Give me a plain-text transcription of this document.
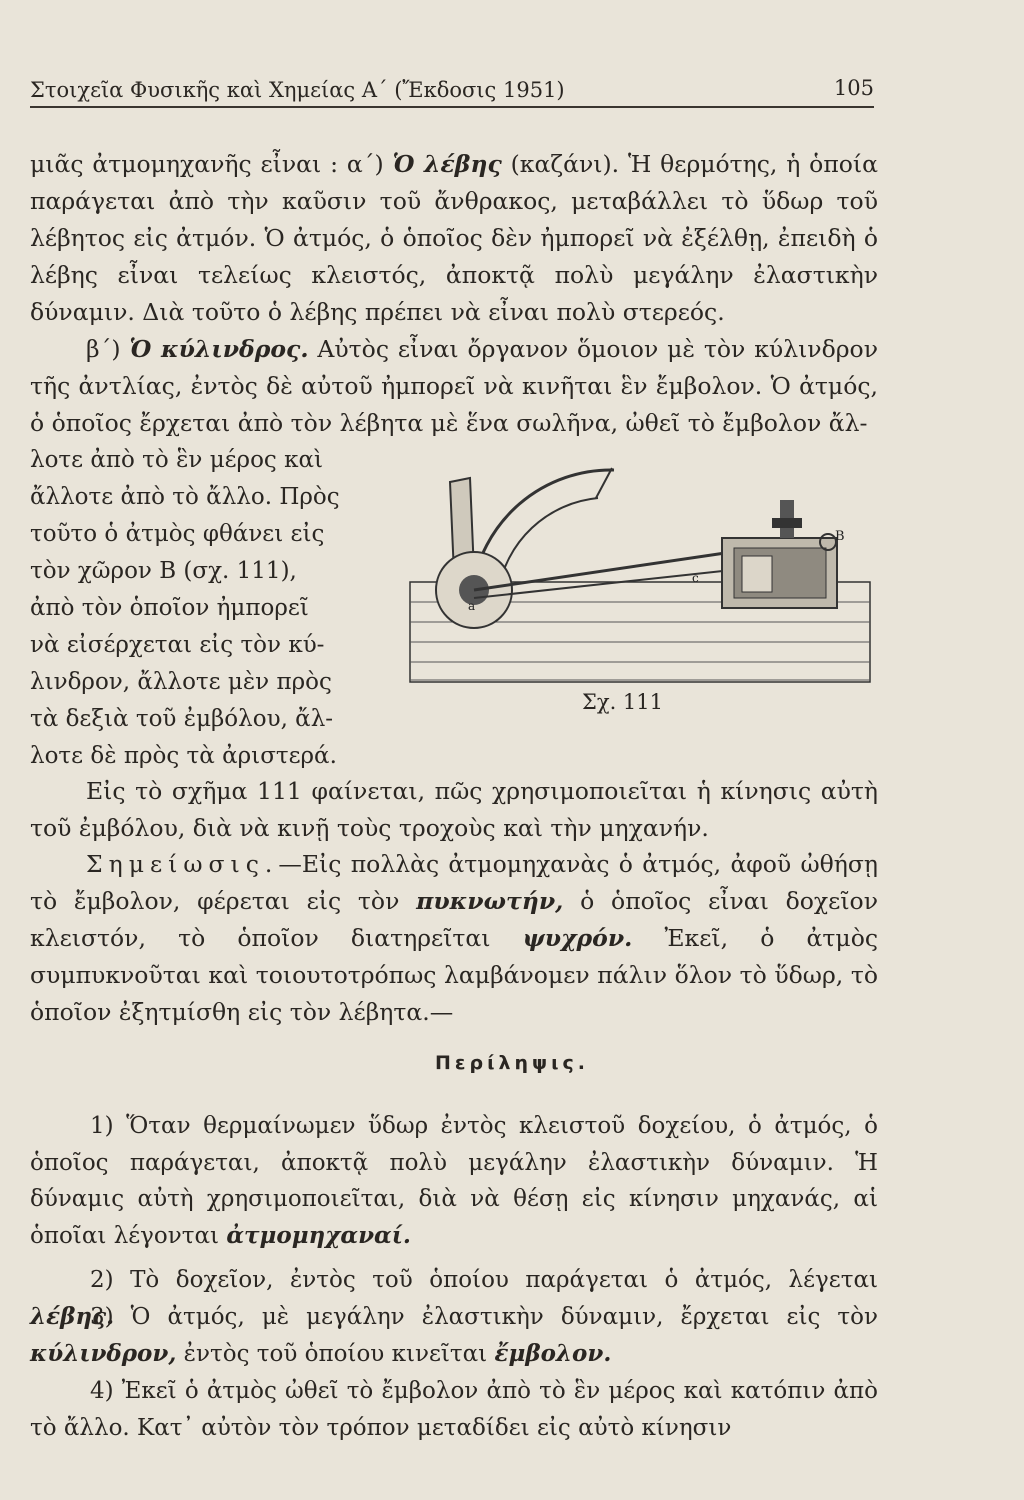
Στοιχεῖα Φυσικῆς καὶ Χημείας Α΄ (Ἔκδοσις 1951)	105
μιᾶς ἀτμομηχανῆς εἶναι : α΄) Ὁ λέβης (καζάνι). Ἡ θερμότης, ἡ ὁποία παράγεται ἀπὸ τὴν καῦσιν τοῦ ἄνθρακος, μεταβάλλει τὸ ὕδωρ τοῦ λέβητος εἰς ἀτμόν. Ὁ ἀτμός, ὁ ὁποῖος δὲν ἠμπορεῖ νὰ ἐξέλθῃ, ἐπειδὴ ὁ λέβης εἶναι τελείως κλειστός, ἀποκτᾷ πολὺ μεγάλην ἐλαστικὴν δύναμιν. Διὰ τοῦτο ὁ λέβης πρέπει νὰ εἶναι πολὺ στερεός.
β΄) Ὁ κύλινδρος. Αὐτὸς εἶναι ὄργανον ὅμοιον μὲ τὸν κύλινδρον τῆς ἀντλίας, ἐντὸς δὲ αὐτοῦ ἠμπορεῖ νὰ κινῆται ἓν ἔμβολον. Ὁ ἀτμός, ὁ ὁποῖος ἔρχεται ἀπὸ τὸν λέβητα μὲ ἕνα σωλῆνα, ὠθεῖ τὸ ἔμβολον ἄλ-
λοτε ἀπὸ τὸ ἓν μέρος καὶ
ἄλλοτε ἀπὸ τὸ ἄλλο. Πρὸς
τοῦτο ὁ ἀτμὸς φθάνει εἰς
τὸν χῶρον Β (σχ. 111),
ἀπὸ τὸν ὁποῖον ἠμπορεῖ
νὰ εἰσέρχεται εἰς τὸν κύ-
λινδρον, ἄλλοτε μὲν πρὸς
τὰ δεξιὰ τοῦ ἐμβόλου, ἄλ-
λοτε δὲ πρὸς τὰ ἀριστερά.
B
a
c
Σχ. 111
Εἰς τὸ σχῆμα 111 φαίνεται, πῶς χρησιμοποιεῖται ἡ κίνησις αὐτὴ τοῦ ἐμβόλου, διὰ νὰ κινῇ τοὺς τροχοὺς καὶ τὴν μηχανήν.
Σημείωσις.—Εἰς πολλὰς ἀτμομηχανὰς ὁ ἀτμός, ἀφοῦ ὠθήσῃ τὸ ἔμβολον, φέρεται εἰς τὸν πυκνωτήν, ὁ ὁποῖος εἶναι δοχεῖον κλειστόν, τὸ ὁποῖον διατηρεῖται ψυχρόν. Ἐκεῖ, ὁ ἀτμὸς συμπυκνοῦται καὶ τοιουτοτρόπως λαμβάνομεν πάλιν ὅλον τὸ ὕδωρ, τὸ ὁποῖον ἐξητμίσθη εἰς τὸν λέβητα.—
Περίληψις.
1) Ὅταν θερμαίνωμεν ὕδωρ ἐντὸς κλειστοῦ δοχείου, ὁ ἀτμός, ὁ ὁποῖος παράγεται, ἀποκτᾷ πολὺ μεγάλην ἐλαστικὴν δύναμιν. Ἡ δύναμις αὐτὴ χρησιμοποιεῖται, διὰ νὰ θέσῃ εἰς κίνησιν μηχανάς, αἱ ὁποῖαι λέγονται ἀτμομηχαναί.
2) Τὸ δοχεῖον, ἐντὸς τοῦ ὁποίου παράγεται ὁ ἀτμός, λέγεται λέβης.
3) Ὁ ἀτμός, μὲ μεγάλην ἐλαστικὴν δύναμιν, ἔρχεται εἰς τὸν κύλινδρον, ἐντὸς τοῦ ὁποίου κινεῖται ἔμβολον.
4) Ἐκεῖ ὁ ἀτμὸς ὠθεῖ τὸ ἔμβολον ἀπὸ τὸ ἓν μέρος καὶ κατόπιν ἀπὸ τὸ ἄλλο. Κατ᾽ αὐτὸν τὸν τρόπον μεταδίδει εἰς αὐτὸ κίνησιν
